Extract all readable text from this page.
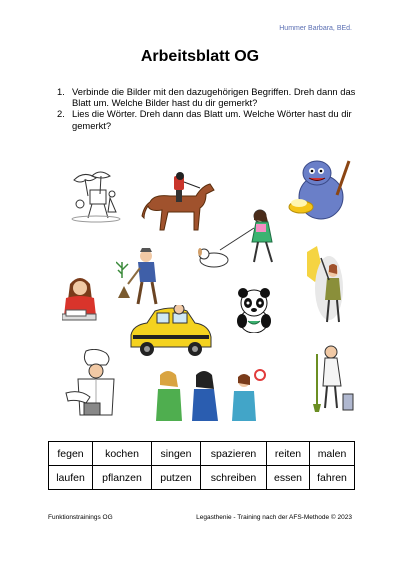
Hummer Barbara, BEd.
Arbeitsblatt OG
1. Verbinde die Bilder mit den dazugehörigen Begriffen. Dreh dann das Blatt um. Welche Bilder hast du dir gemerkt?
2. Lies die Wörter. Dreh dann das Blatt um. Welche Wörter hast du dir gemerkt?
fegen	kochen	singen	spazieren	reiten	malen
laufen	pflanzen	putzen	schreiben	essen	fahren
Funktionstrainings OG	Legasthenie - Training nach der AFS-Methode © 2023
